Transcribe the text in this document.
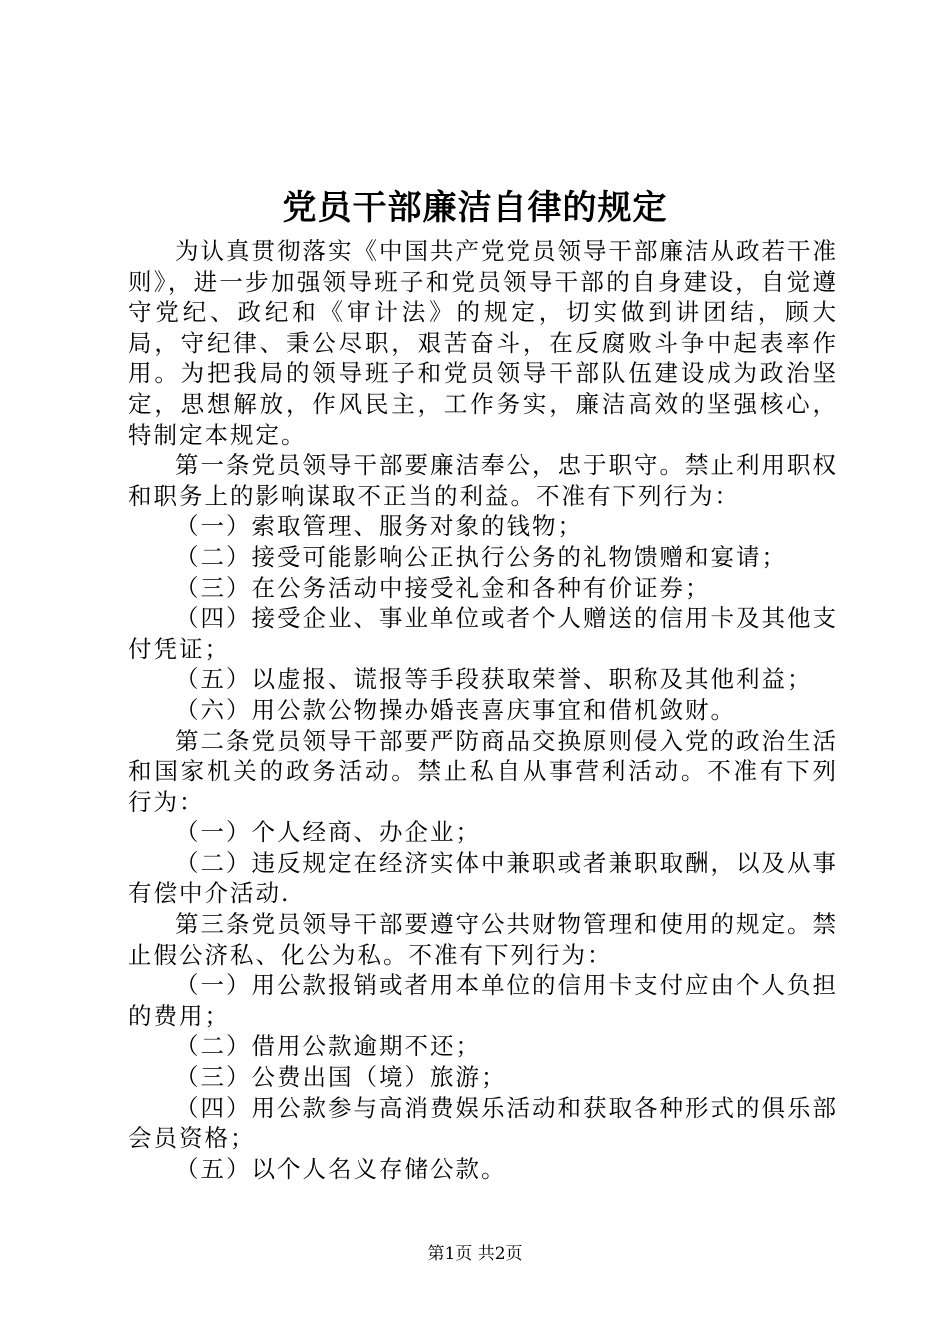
党员干部廉洁自律的规定

为认真贯彻落实《中国共产党党员领导干部廉洁从政若干准则》，进一步加强领导班子和党员领导干部的自身建设，自觉遵守党纪、政纪和《审计法》的规定，切实做到讲团结，顾大局，守纪律、秉公尽职，艰苦奋斗，在反腐败斗争中起表率作用。为把我局的领导班子和党员领导干部队伍建设成为政治坚定，思想解放，作风民主，工作务实，廉洁高效的坚强核心，特制定本规定。

第一条党员领导干部要廉洁奉公，忠于职守。禁止利用职权和职务上的影响谋取不正当的利益。不准有下列行为：

（一）索取管理、服务对象的钱物；

（二）接受可能影响公正执行公务的礼物馈赠和宴请；

（三）在公务活动中接受礼金和各种有价证券；

（四）接受企业、事业单位或者个人赠送的信用卡及其他支付凭证；

（五）以虚报、谎报等手段获取荣誉、职称及其他利益；

（六）用公款公物操办婚丧喜庆事宜和借机敛财。

第二条党员领导干部要严防商品交换原则侵入党的政治生活和国家机关的政务活动。禁止私自从事营利活动。不准有下列行为：

（一）个人经商、办企业；

（二）违反规定在经济实体中兼职或者兼职取酬，以及从事有偿中介活动.

第三条党员领导干部要遵守公共财物管理和使用的规定。禁止假公济私、化公为私。不准有下列行为：

（一）用公款报销或者用本单位的信用卡支付应由个人负担的费用；

（二）借用公款逾期不还；

（三）公费出国（境）旅游；

（四）用公款参与高消费娱乐活动和获取各种形式的俱乐部会员资格；

（五）以个人名义存储公款。

第1页 共2页
